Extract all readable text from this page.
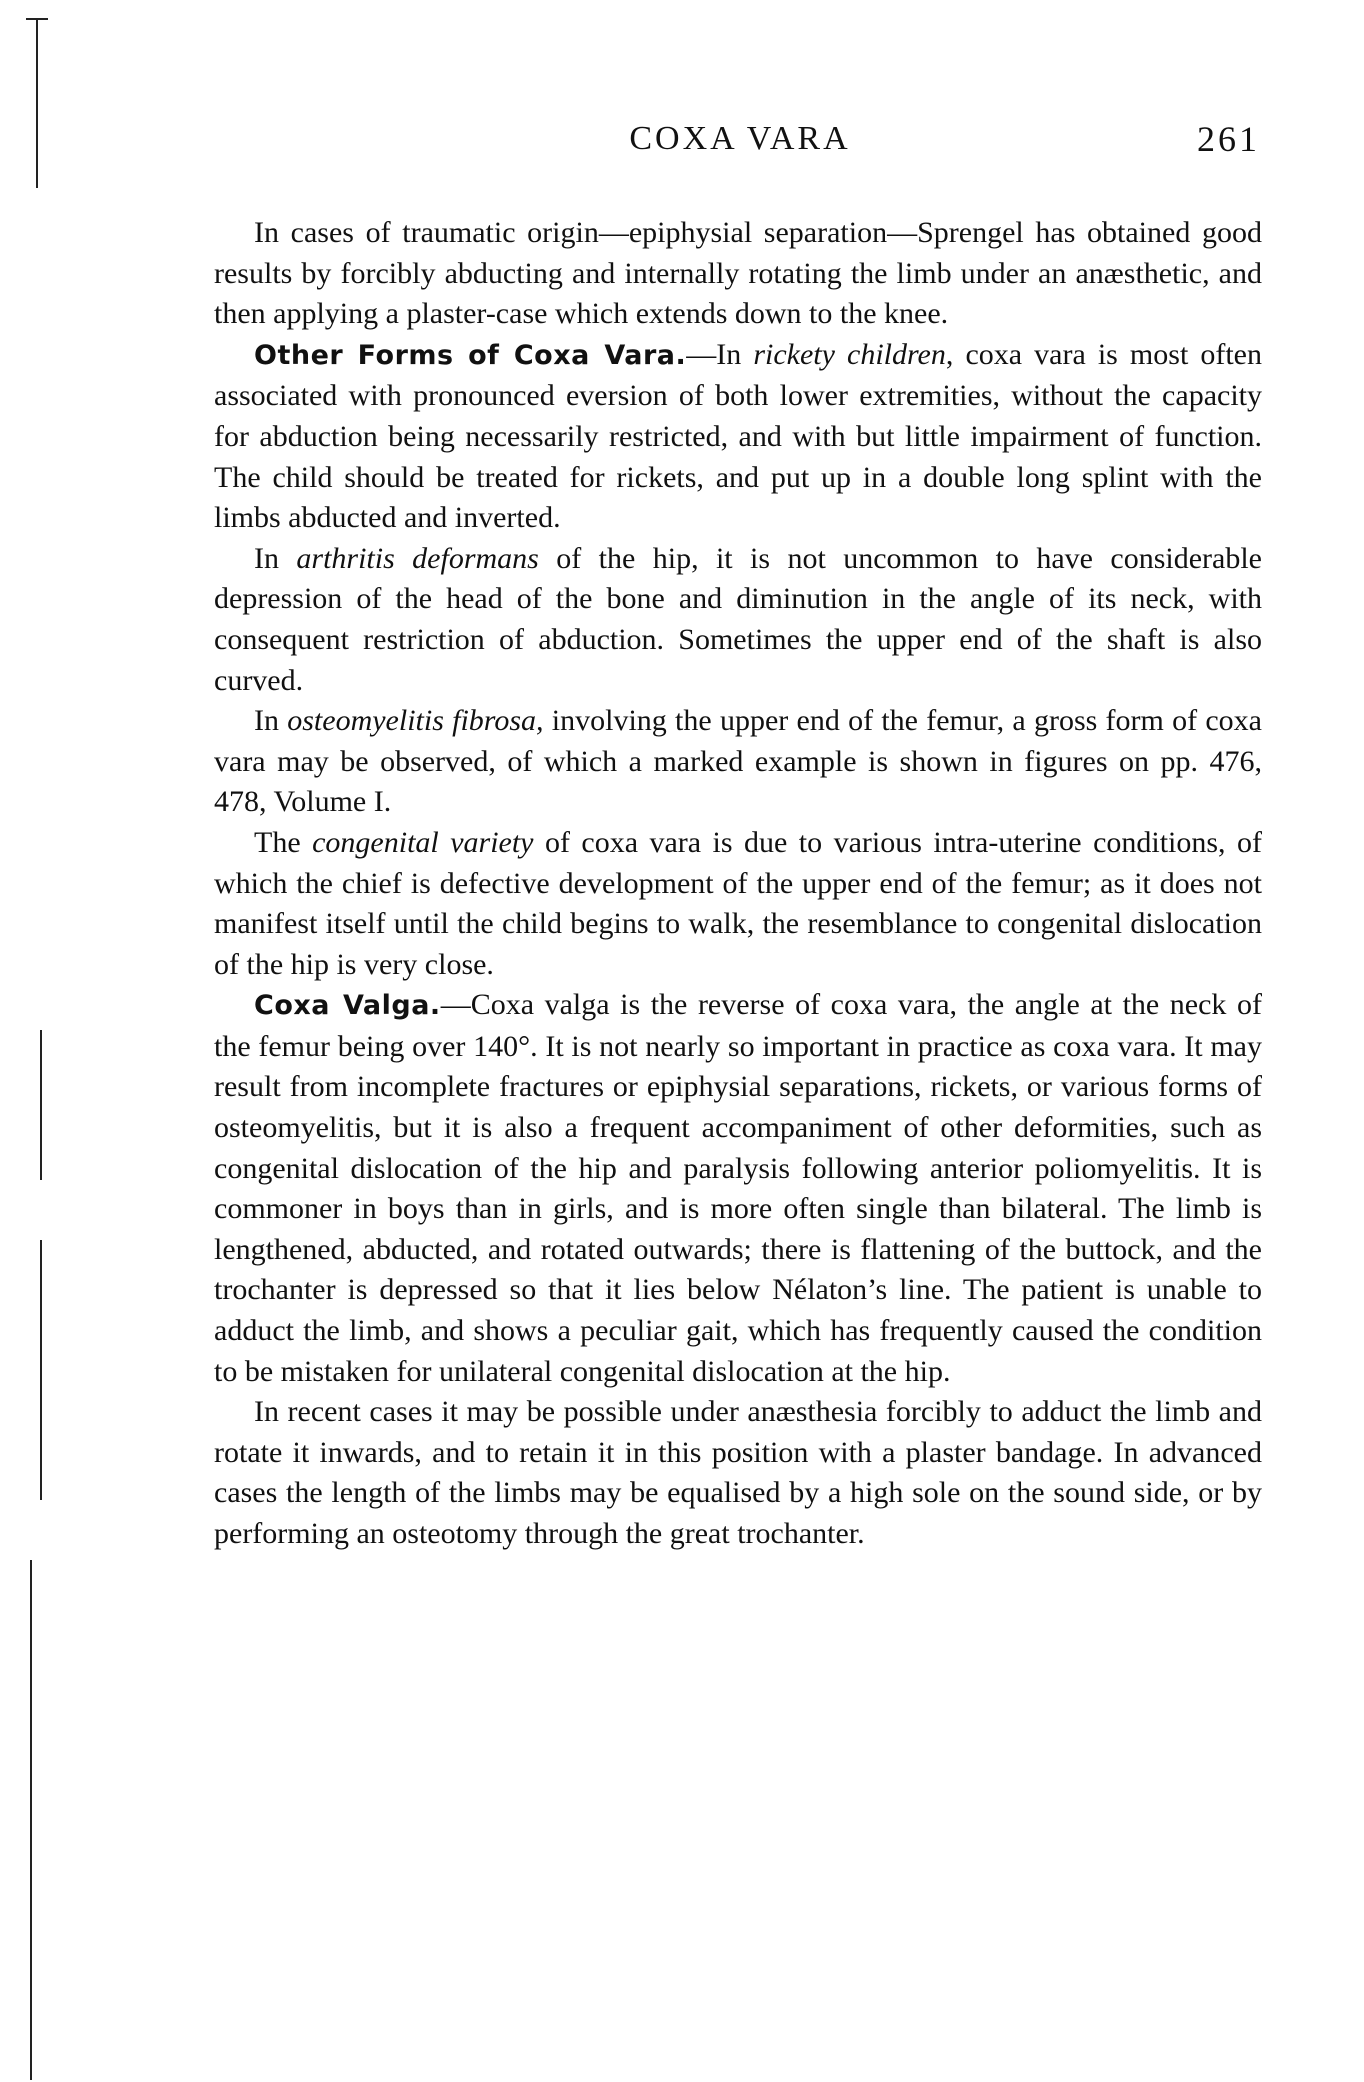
COXA VARA	261

In cases of traumatic origin—epiphysial separation—Sprengel has obtained good results by forcibly abducting and internally rotating the limb under an anæsthetic, and then applying a plaster-case which extends down to the knee.

Other Forms of Coxa Vara.—In rickety children, coxa vara is most often associated with pronounced eversion of both lower extremities, without the capacity for abduction being necessarily restricted, and with but little impairment of function. The child should be treated for rickets, and put up in a double long splint with the limbs abducted and inverted.

In arthritis deformans of the hip, it is not uncommon to have considerable depression of the head of the bone and diminution in the angle of its neck, with consequent restriction of abduction. Sometimes the upper end of the shaft is also curved.

In osteomyelitis fibrosa, involving the upper end of the femur, a gross form of coxa vara may be observed, of which a marked example is shown in figures on pp. 476, 478, Volume I.

The congenital variety of coxa vara is due to various intra-uterine conditions, of which the chief is defective development of the upper end of the femur; as it does not manifest itself until the child begins to walk, the resemblance to congenital dislocation of the hip is very close.

Coxa Valga.—Coxa valga is the reverse of coxa vara, the angle at the neck of the femur being over 140°. It is not nearly so important in practice as coxa vara. It may result from incomplete fractures or epiphysial separations, rickets, or various forms of osteomyelitis, but it is also a frequent accompaniment of other deformities, such as congenital dislocation of the hip and paralysis following anterior poliomyelitis. It is commoner in boys than in girls, and is more often single than bilateral. The limb is lengthened, abducted, and rotated outwards; there is flattening of the buttock, and the trochanter is depressed so that it lies below Nélaton’s line. The patient is unable to adduct the limb, and shows a peculiar gait, which has frequently caused the condition to be mistaken for unilateral congenital dislocation at the hip.

In recent cases it may be possible under anæsthesia forcibly to adduct the limb and rotate it inwards, and to retain it in this position with a plaster bandage. In advanced cases the length of the limbs may be equalised by a high sole on the sound side, or by performing an osteotomy through the great trochanter.
